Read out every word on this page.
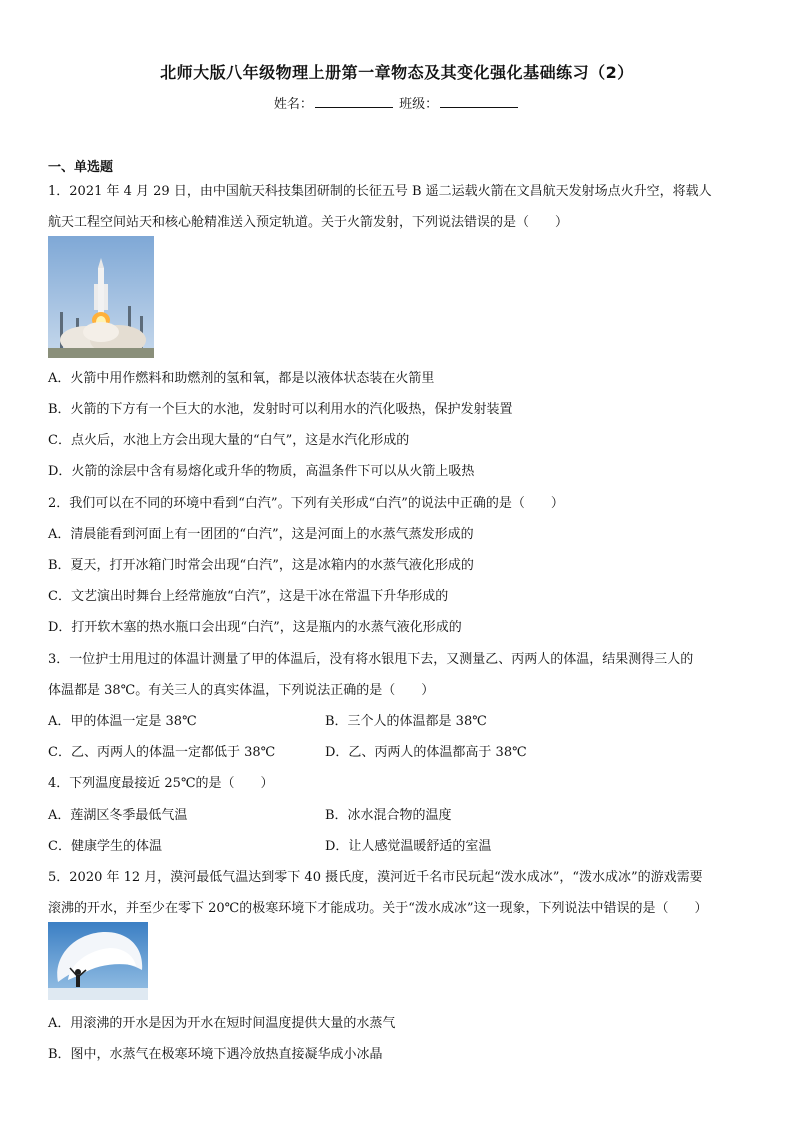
北师大版八年级物理上册第一章物态及其变化强化基础练习（2）
姓名：	班级：
一、单选题
1．2021 年 4 月 29 日，由中国航天科技集团研制的长征五号 B 遥二运载火箭在文昌航天发射场点火升空，将载人
航天工程空间站天和核心舱精准送入预定轨道。关于火箭发射，下列说法错误的是（　　）
A．火箭中用作燃料和助燃剂的氢和氧，都是以液体状态装在火箭里
B．火箭的下方有一个巨大的水池，发射时可以利用水的汽化吸热，保护发射装置
C．点火后，水池上方会出现大量的“白气”，这是水汽化形成的
D．火箭的涂层中含有易熔化或升华的物质，高温条件下可以从火箭上吸热
2．我们可以在不同的环境中看到“白汽”。下列有关形成“白汽”的说法中正确的是（　　）
A．清晨能看到河面上有一团团的“白汽”，这是河面上的水蒸气蒸发形成的
B．夏天，打开冰箱门时常会出现“白汽”，这是冰箱内的水蒸气液化形成的
C．文艺演出时舞台上经常施放“白汽”，这是干冰在常温下升华形成的
D．打开软木塞的热水瓶口会出现“白汽”，这是瓶内的水蒸气液化形成的
3．一位护士用甩过的体温计测量了甲的体温后，没有将水银甩下去，又测量乙、丙两人的体温，结果测得三人的
体温都是 38℃。有关三人的真实体温，下列说法正确的是（　　）
A．甲的体温一定是 38℃	B．三个人的体温都是 38℃
C．乙、丙两人的体温一定都低于 38℃	D．乙、丙两人的体温都高于 38℃
4．下列温度最接近 25℃的是（　　）
A．莲湖区冬季最低气温	B．冰水混合物的温度
C．健康学生的体温	D．让人感觉温暖舒适的室温
5．2020 年 12 月，漠河最低气温达到零下 40 摄氏度，漠河近千名市民玩起“泼水成冰”，“泼水成冰”的游戏需要
滚沸的开水，并至少在零下 20℃的极寒环境下才能成功。关于“泼水成冰”这一现象，下列说法中错误的是（　　）
A．用滚沸的开水是因为开水在短时间温度提供大量的水蒸气
B．图中，水蒸气在极寒环境下遇冷放热直接凝华成小冰晶
